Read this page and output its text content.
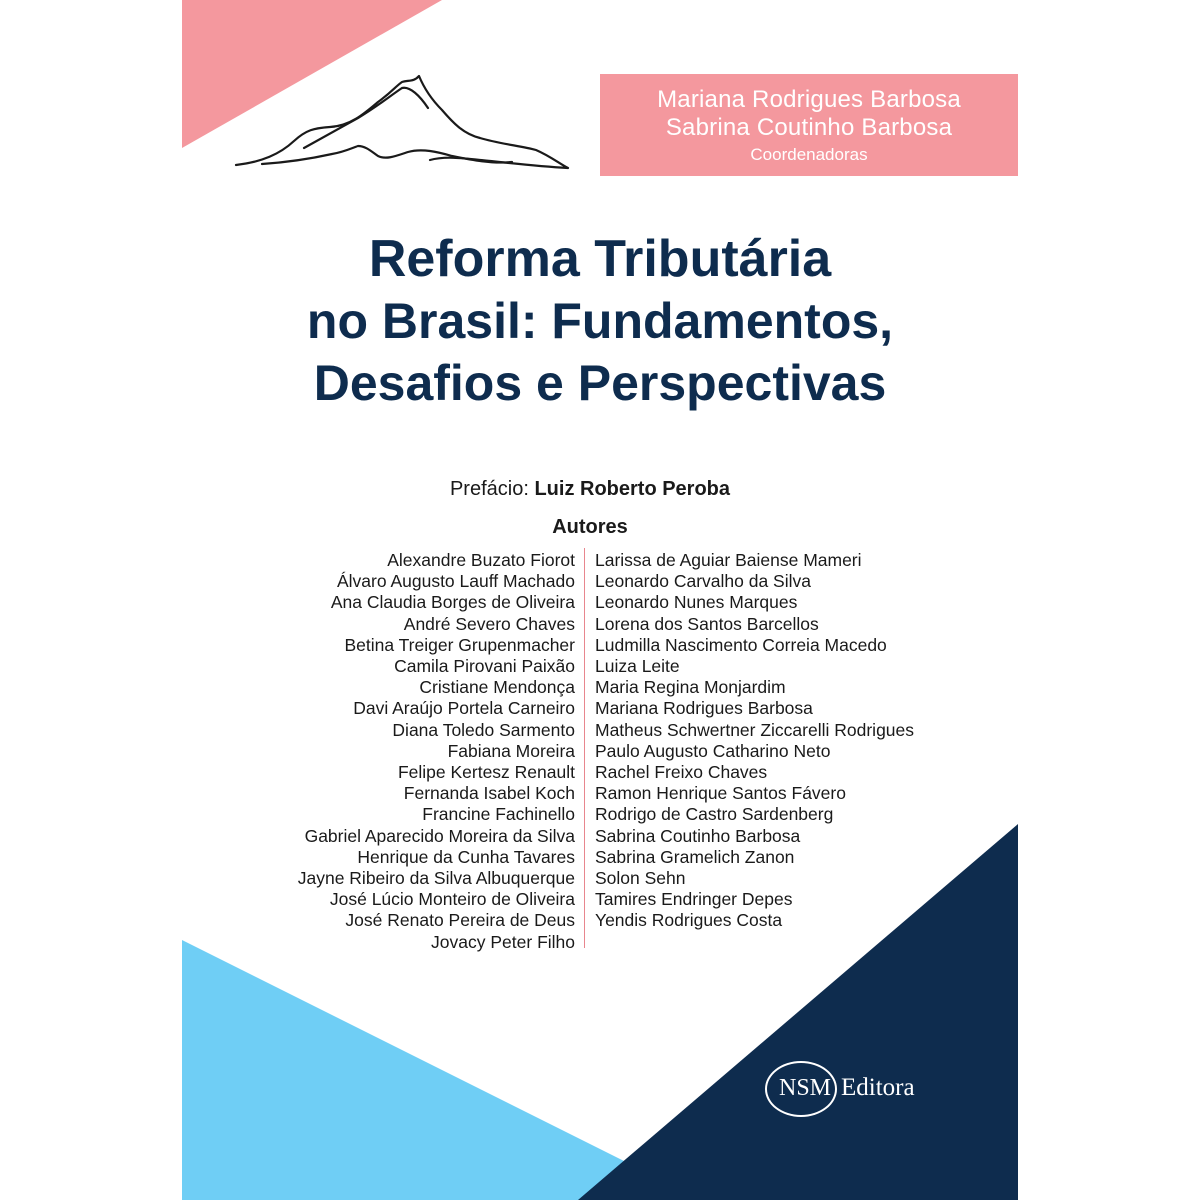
Mariana Rodrigues Barbosa
Sabrina Coutinho Barbosa
Coordenadoras
Reforma Tributária
no Brasil: Fundamentos,
Desafios e Perspectivas
Prefácio: Luiz Roberto Peroba
Autores
Alexandre Buzato Fiorot
Álvaro Augusto Lauff Machado
Ana Claudia Borges de Oliveira
André Severo Chaves
Betina Treiger Grupenmacher
Camila Pirovani Paixão
Cristiane Mendonça
Davi Araújo Portela Carneiro
Diana Toledo Sarmento
Fabiana Moreira
Felipe Kertesz Renault
Fernanda Isabel Koch
Francine Fachinello
Gabriel Aparecido Moreira da Silva
Henrique da Cunha Tavares
Jayne Ribeiro da Silva Albuquerque
José Lúcio Monteiro de Oliveira
José Renato Pereira de Deus
Jovacy Peter Filho
Larissa de Aguiar Baiense Mameri
Leonardo Carvalho da Silva
Leonardo Nunes Marques
Lorena dos Santos Barcellos
Ludmilla Nascimento Correia Macedo
Luiza Leite
Maria Regina Monjardim
Mariana Rodrigues Barbosa
Matheus Schwertner Ziccarelli Rodrigues
Paulo Augusto Catharino Neto
Rachel Freixo Chaves
Ramon Henrique Santos Fávero
Rodrigo de Castro Sardenberg
Sabrina Coutinho Barbosa
Sabrina Gramelich Zanon
Solon Sehn
Tamires Endringer Depes
Yendis Rodrigues Costa
NSM Editora
